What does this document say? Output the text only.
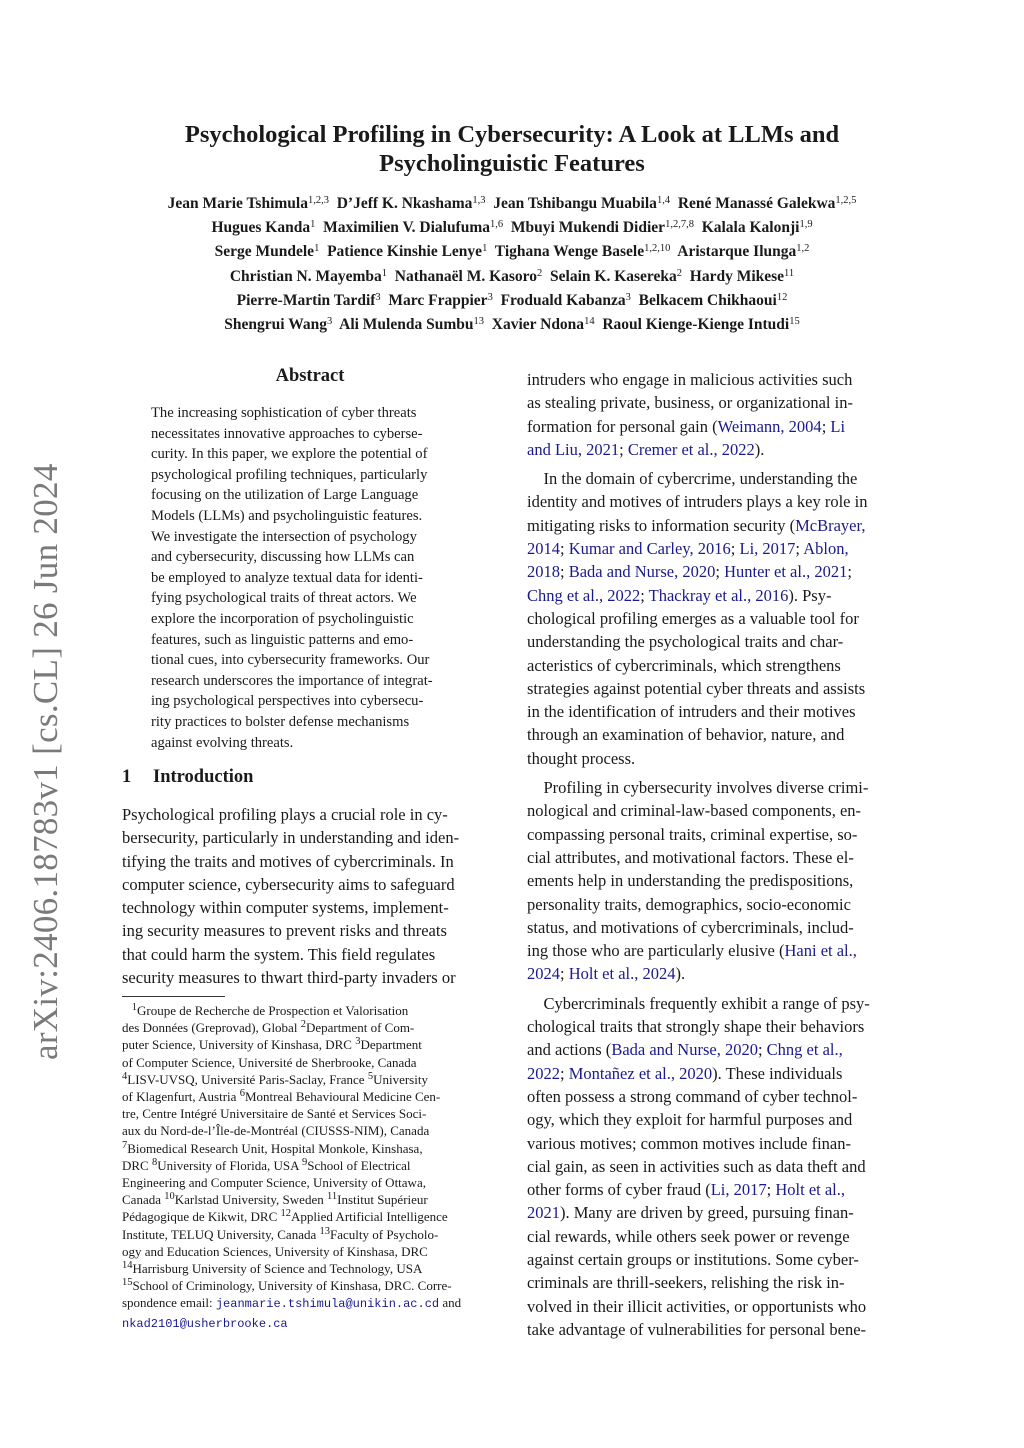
arXiv:2406.18783v1 [cs.CL] 26 Jun 2024
Psychological Profiling in Cybersecurity: A Look at LLMs and
Psycholinguistic Features
Jean Marie Tshimula$^{1,2,3}$ D’Jeff K. Nkashama$^{1,3}$ Jean Tshibangu Muabila$^{1,4}$ René Manassé Galekwa$^{1,2,5}$
Hugues Kanda$^1$ Maximilien V. Dialufuma$^{1,6}$ Mbuyi Mukendi Didier$^{1,2,7,8}$ Kalala Kalonji$^{1,9}$
Serge Mundele$^1$ Patience Kinshie Lenye$^1$ Tighana Wenge Basele$^{1,2,10}$ Aristarque Ilunga$^{1,2}$
Christian N. Mayemba$^1$ Nathanaël M. Kasoro$^2$ Selain K. Kasereka$^2$ Hardy Mikese$^{11}$
Pierre-Martin Tardif$^3$ Marc Frappier$^3$ Froduald Kabanza$^3$ Belkacem Chikhaoui$^{12}$
Shengrui Wang$^3$ Ali Mulenda Sumbu$^{13}$ Xavier Ndona$^{14}$ Raoul Kienge-Kienge Intudi$^{15}$
Abstract
The increasing sophistication of cyber threats
necessitates innovative approaches to cyberse-
curity. In this paper, we explore the potential of
psychological profiling techniques, particularly
focusing on the utilization of Large Language
Models (LLMs) and psycholinguistic features.
We investigate the intersection of psychology
and cybersecurity, discussing how LLMs can
be employed to analyze textual data for identi-
fying psychological traits of threat actors. We
explore the incorporation of psycholinguistic
features, such as linguistic patterns and emo-
tional cues, into cybersecurity frameworks. Our
research underscores the importance of integrat-
ing psychological perspectives into cybersecu-
rity practices to bolster defense mechanisms
against evolving threats.
1 Introduction
Psychological profiling plays a crucial role in cy-
bersecurity, particularly in understanding and iden-
tifying the traits and motives of cybercriminals. In
computer science, cybersecurity aims to safeguard
technology within computer systems, implement-
ing security measures to prevent risks and threats
that could harm the system. This field regulates
security measures to thwart third-party invaders or
$^1$Groupe de Recherche de Prospection et Valorisation
des Données (Greprovad), Global $^2$Department of Com-
puter Science, University of Kinshasa, DRC $^3$Department
of Computer Science, Université de Sherbrooke, Canada
$^4$LISV-UVSQ, Université Paris-Saclay, France $^5$University
of Klagenfurt, Austria $^6$Montreal Behavioural Medicine Cen-
tre, Centre Intégré Universitaire de Santé et Services Soci-
aux du Nord-de-l’Île-de-Montréal (CIUSSS-NIM), Canada
$^7$Biomedical Research Unit, Hospital Monkole, Kinshasa,
DRC $^8$University of Florida, USA $^9$School of Electrical
Engineering and Computer Science, University of Ottawa,
Canada $^{10}$Karlstad University, Sweden $^{11}$Institut Supérieur
Pédagogique de Kikwit, DRC $^{12}$Applied Artificial Intelligence
Institute, TELUQ University, Canada $^{13}$Faculty of Psycholo-
ogy and Education Sciences, University of Kinshasa, DRC
$^{14}$Harrisburg University of Science and Technology, USA
$^{15}$School of Criminology, University of Kinshasa, DRC. Corre-
spondence email: jeanmarie.tshimula@unikin.ac.cd and
nkad2101@usherbrooke.ca
intruders who engage in malicious activities such
as stealing private, business, or organizational in-
formation for personal gain (Weimann, 2004; Li
and Liu, 2021; Cremer et al., 2022).
In the domain of cybercrime, understanding the
identity and motives of intruders plays a key role in
mitigating risks to information security (McBrayer,
2014; Kumar and Carley, 2016; Li, 2017; Ablon,
2018; Bada and Nurse, 2020; Hunter et al., 2021;
Chng et al., 2022; Thackray et al., 2016). Psy-
chological profiling emerges as a valuable tool for
understanding the psychological traits and char-
acteristics of cybercriminals, which strengthens
strategies against potential cyber threats and assists
in the identification of intruders and their motives
through an examination of behavior, nature, and
thought process.
Profiling in cybersecurity involves diverse crimi-
nological and criminal-law-based components, en-
compassing personal traits, criminal expertise, so-
cial attributes, and motivational factors. These el-
ements help in understanding the predispositions,
personality traits, demographics, socio-economic
status, and motivations of cybercriminals, includ-
ing those who are particularly elusive (Hani et al.,
2024; Holt et al., 2024).
Cybercriminals frequently exhibit a range of psy-
chological traits that strongly shape their behaviors
and actions (Bada and Nurse, 2020; Chng et al.,
2022; Montañez et al., 2020). These individuals
often possess a strong command of cyber technol-
ogy, which they exploit for harmful purposes and
various motives; common motives include finan-
cial gain, as seen in activities such as data theft and
other forms of cyber fraud (Li, 2017; Holt et al.,
2021). Many are driven by greed, pursuing finan-
cial rewards, while others seek power or revenge
against certain groups or institutions. Some cyber-
criminals are thrill-seekers, relishing the risk in-
volved in their illicit activities, or opportunists who
take advantage of vulnerabilities for personal bene-
